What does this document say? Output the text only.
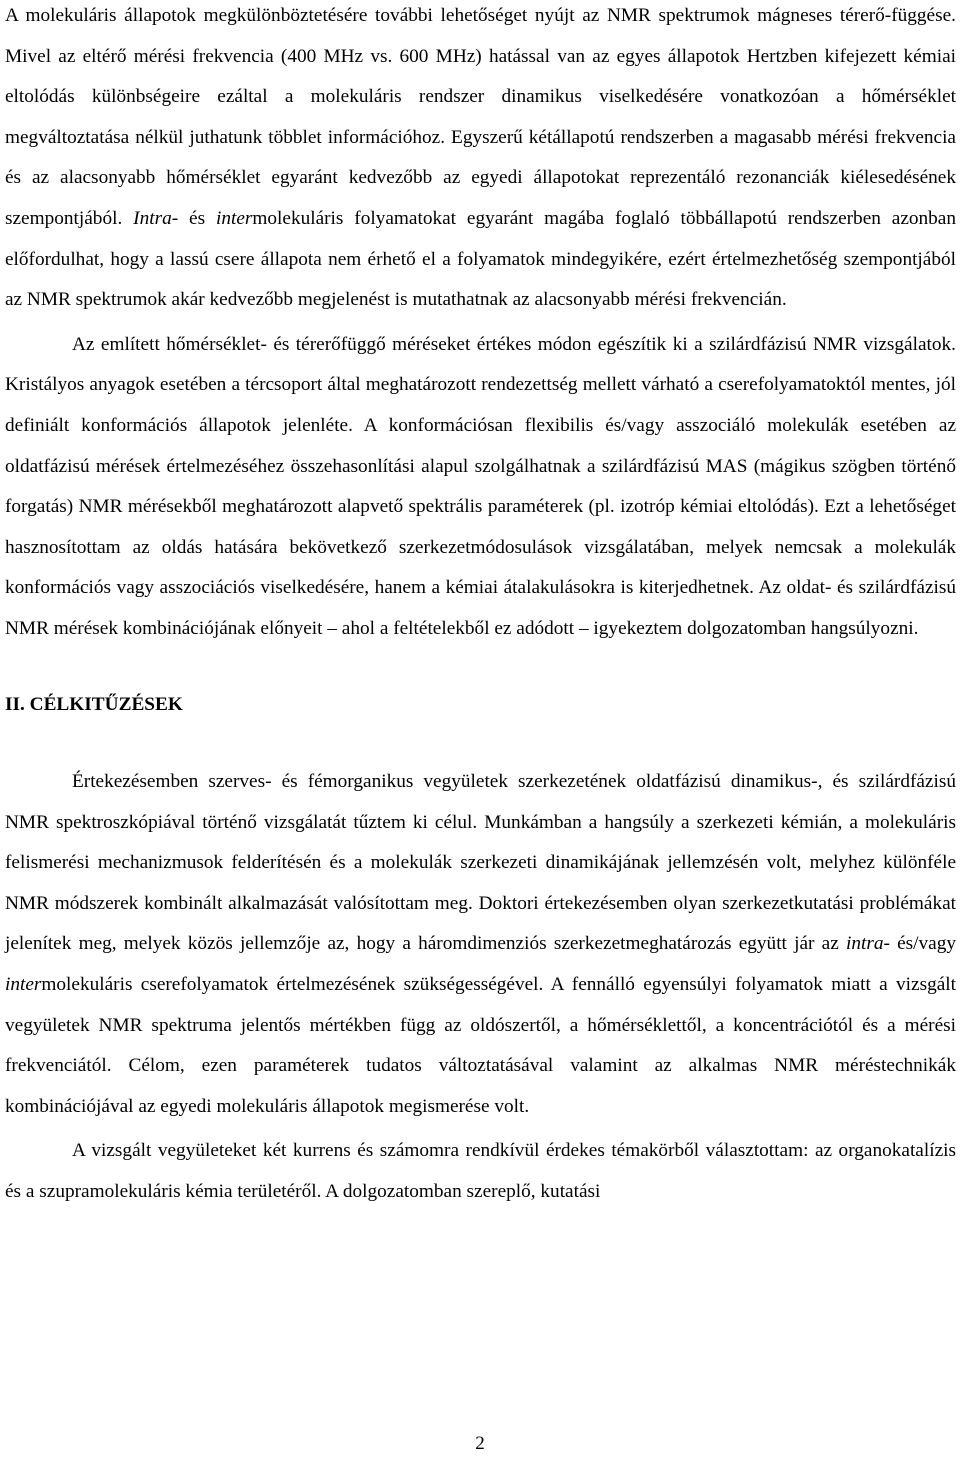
A molekuláris állapotok megkülönböztetésére további lehetőséget nyújt az NMR spektrumok mágneses térerő-függése. Mivel az eltérő mérési frekvencia (400 MHz vs. 600 MHz) hatással van az egyes állapotok Hertzben kifejezett kémiai eltolódás különbségeire ezáltal a molekuláris rendszer dinamikus viselkedésére vonatkozóan a hőmérséklet megváltoztatása nélkül juthatunk többlet információhoz. Egyszerű kétállapotú rendszerben a magasabb mérési frekvencia és az alacsonyabb hőmérséklet egyaránt kedvezőbb az egyedi állapotokat reprezentáló rezonanciák kiélesedésének szempontjából. Intra- és intermolekuláris folyamatokat egyaránt magába foglaló többállapotú rendszerben azonban előfordulhat, hogy a lassú csere állapota nem érhető el a folyamatok mindegyikére, ezért értelmezhetőség szempontjából az NMR spektrumok akár kedvezőbb megjelenést is mutathatnak az alacsonyabb mérési frekvencián.

Az említett hőmérséklet- és térerőfüggő méréseket értékes módon egészítik ki a szilárdfázisú NMR vizsgálatok. Kristályos anyagok esetében a tércsoport által meghatározott rendezettség mellett várható a cserefolyamatoktól mentes, jól definiált konformációs állapotok jelenléte. A konformációsan flexibilis és/vagy asszociáló molekulák esetében az oldatfázisú mérések értelmezéséhez összehasonlítási alapul szolgálhatnak a szilárdfázisú MAS (mágikus szögben történő forgatás) NMR mérésekből meghatározott alapvető spektrális paraméterek (pl. izotróp kémiai eltolódás). Ezt a lehetőséget hasznosítottam az oldás hatására bekövetkező szerkezetmódosulások vizsgálatában, melyek nemcsak a molekulák konformációs vagy asszociációs viselkedésére, hanem a kémiai átalakulásokra is kiterjedhetnek. Az oldat- és szilárdfázisú NMR mérések kombinációjának előnyeit – ahol a feltételekből ez adódott – igyekeztem dolgozatomban hangsúlyozni.

II. CÉLKITŰZÉSEK

Értekezésemben szerves- és fémorganikus vegyületek szerkezetének oldatfázisú dinamikus-, és szilárdfázisú NMR spektroszkópiával történő vizsgálatát tűztem ki célul. Munkámban a hangsúly a szerkezeti kémián, a molekuláris felismerési mechanizmusok felderítésén és a molekulák szerkezeti dinamikájának jellemzésén volt, melyhez különféle NMR módszerek kombinált alkalmazását valósítottam meg. Doktori értekezésemben olyan szerkezetkutatási problémákat jelenítek meg, melyek közös jellemzője az, hogy a háromdimenziós szerkezetmeghatározás együtt jár az intra- és/vagy intermolekuláris cserefolyamatok értelmezésének szükségességével. A fennálló egyensúlyi folyamatok miatt a vizsgált vegyületek NMR spektruma jelentős mértékben függ az oldószertől, a hőmérséklettől, a koncentrációtól és a mérési frekvenciától. Célom, ezen paraméterek tudatos változtatásával valamint az alkalmas NMR méréstechnikák kombinációjával az egyedi molekuláris állapotok megismerése volt.

A vizsgált vegyületeket két kurrens és számomra rendkívül érdekes témakörből választottam: az organokatalízis és a szupramolekuláris kémia területéről. A dolgozatomban szereplő, kutatási

2
